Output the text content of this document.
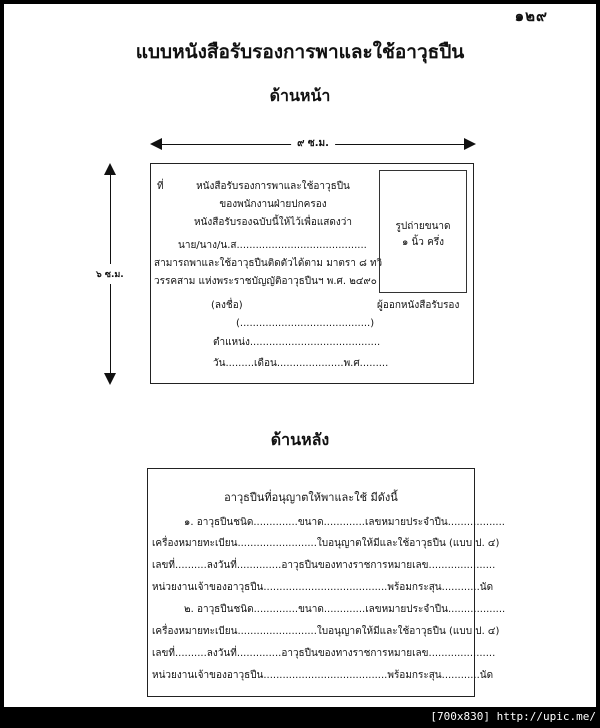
๑๒๙
แบบหนังสือรับรองการพาและใช้อาวุธปืน
ด้านหน้า
๙ ซ.ม.
๖ ซ.ม.
ที่	หนังสือรับรองการพาและใช้อาวุธปืน
ของพนักงานฝ่ายปกครอง
หนังสือรับรองฉบับนี้ให้ไว้เพื่อแสดงว่า
นาย/นาง/น.ส.........................................
สามารถพาและใช้อาวุธปืนติดตัวได้ตาม มาตรา ๘ ทวิ
วรรคสาม แห่งพระราชบัญญัติอาวุธปืนฯ พ.ศ. ๒๔๙๐
(ลงชื่อ)	ผู้ออกหนังสือรับรอง
(.........................................)
ตำแหน่ง.........................................
วัน.........เดือน.....................พ.ศ.........
รูปถ่ายขนาด
๑ นิ้ว ครึ่ง
ด้านหลัง
อาวุธปืนที่อนุญาตให้พาและใช้ มีดังนี้
๑. อาวุธปืนชนิด..............ขนาด.............เลขหมายประจำปืน..................
เครื่องหมายทะเบียน.........................ใบอนุญาตให้มีและใช้อาวุธปืน (แบบ ป. ๔)
เลขที่..........ลงวันที่..............อาวุธปืนของทางราชการหมายเลข.....................
หน่วยงานเจ้าของอาวุธปืน.......................................พร้อมกระสุน............นัด
๒. อาวุธปืนชนิด..............ขนาด.............เลขหมายประจำปืน..................
เครื่องหมายทะเบียน.........................ใบอนุญาตให้มีและใช้อาวุธปืน (แบบ ป. ๔)
เลขที่..........ลงวันที่..............อาวุธปืนของทางราชการหมายเลข.....................
หน่วยงานเจ้าของอาวุธปืน.......................................พร้อมกระสุน............นัด
[700x830] http://upic.me/
